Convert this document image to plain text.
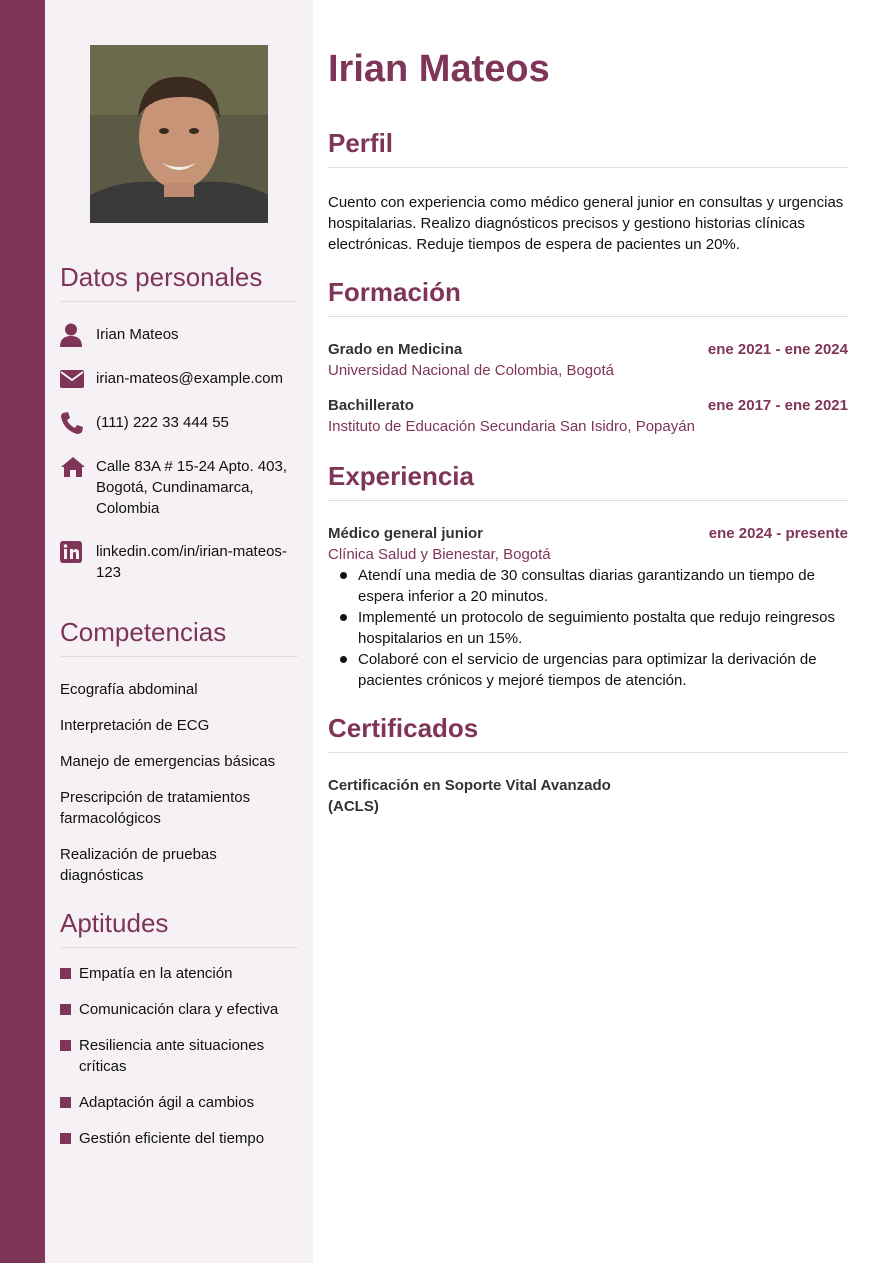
Datos personales
Irian Mateos
irian-mateos@example.com
(111) 222 33 444 55
Calle 83A # 15-24 Apto. 403, Bogotá, Cundinamarca, Colombia
linkedin.com/in/irian-mateos-123
Competencias
Ecografía abdominal
Interpretación de ECG
Manejo de emergencias básicas
Prescripción de tratamientos farmacológicos
Realización de pruebas diagnósticas
Aptitudes
Empatía en la atención
Comunicación clara y efectiva
Resiliencia ante situaciones críticas
Adaptación ágil a cambios
Gestión eficiente del tiempo
Irian Mateos
Perfil

Cuento con experiencia como médico general junior en consultas y urgencias hospitalarias. Realizo diagnósticos precisos y gestiono historias clínicas electrónicas. Reduje tiempos de espera de pacientes un 20%.

Formación
Grado en Medicina	ene 2021 - ene 2024
Universidad Nacional de Colombia, Bogotá
Bachillerato	ene 2017 - ene 2021
Instituto de Educación Secundaria San Isidro, Popayán
Experiencia
Médico general junior	ene 2024 - presente
Clínica Salud y Bienestar, Bogotá
Atendí una media de 30 consultas diarias garantizando un tiempo de espera inferior a 20 minutos.
Implementé un protocolo de seguimiento postalta que redujo reingresos hospitalarios en un 15%.
Colaboré con el servicio de urgencias para optimizar la derivación de pacientes crónicos y mejoré tiempos de atención.
Certificados
Certificación en Soporte Vital Avanzado (ACLS)
